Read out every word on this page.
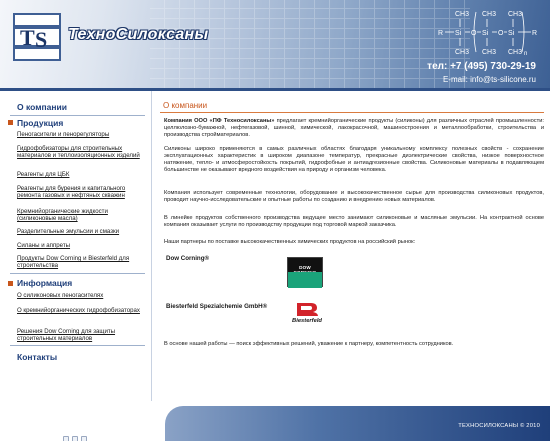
T S ТехноСилоксаны
CH3 CH3 CH3
R Si O Si O Si	R
CH3 CH3 CH3 n
тел: +7 (495) 730-29-19
E-mail: info@ts-silicone.ru
О компании
Продукция
Пеногасители и пенорегуляторы
Гидрофобизаторы для строительных материалов и теплоизоляционных изделий
Реагенты для ЦБК
Реагенты для бурения и капитального ремонта газовых и нефтяных скважин
Кремнийорганические жидкости (силиконовые масла)
Разделительные эмульсии и смазки
Силаны и аппреты
Продукты Dow Corning и Biesterfeld для строительства
Информация
О силиконовых пеногасителях
О кремнийорганических гидрофобизаторах
Решения Dow Corning для защиты строительных материалов
Контакты
О компании
Компания ООО «ПФ Техносилоксаны» предлагает кремнийорганические продукты (силиконы) для различных отраслей промышленности: целлюлозно-бумажной, нефтегазовой, шинной, химической, лакокрасочной, машиностроения и металлообработки, строительства и производства стройматериалов.
Силиконы широко применяются в самых различных областях благодаря уникальному комплексу полезных свойств - сохранение эксплуатационных характеристик в широком диапазоне температур, прекрасные диэлектрические свойства, низкое поверхностное натяжение, тепло- и атмосферостойкость покрытий, гидрофобные и антиадгезионные свойства. Силиконовые материалы в подавляющем большинстве не оказывают вредного воздействия на природу и организм человека.
Компания использует современные технологии, оборудование и высококачественное сырье для производства силиконовых продуктов, проводит научно-исследовательские и опытные работы по созданию и внедрению новых материалов.
В линейке продуктов собственного производства ведущее место занимают силиконовые и масляные эмульсии. На контрактной основе компания оказывает услуги по производству продукции под торговой маркой заказчика.
Наши партнеры по поставке высококачественных химических продуктов на российский рынок:
Dow Corning®
DOW
Biesterfeld Spezialchemie GmbH®
Biesterfeld
В основе нашей работы — поиск эффективных решений, уважение к партнеру, компетентность сотрудников.
ТЕХНОСИЛОКСАНЫ © 2010
